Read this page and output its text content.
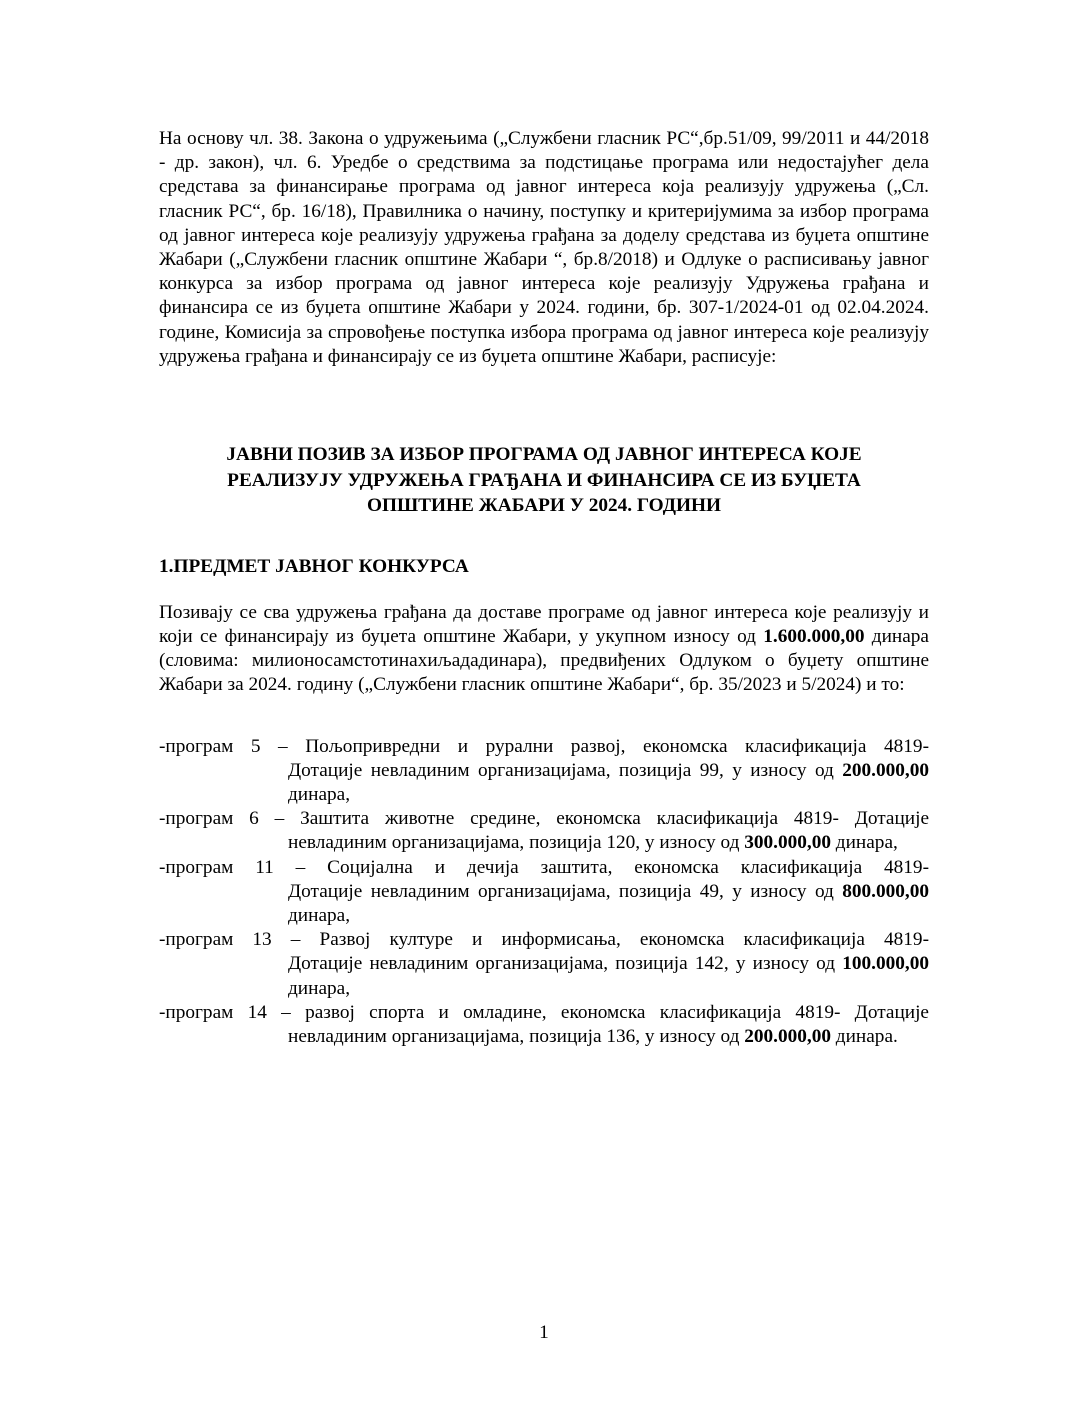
На основу чл. 38. Закона о удружењима („Службени гласник РС“,бр.51/09, 99/2011 и 44/2018 - др. закон), чл. 6. Уредбе о средствима за подстицање програма или недостајућег дела средстава за финансирање програма од јавног интереса која реализују удружења („Сл. гласник РС“, бр. 16/18), Правилника о начину, поступку и критеријумима за избор програма од јавног интереса које реализују удружења грађана за доделу средстава из буџета општине Жабари („Службени гласник општине Жабари “, бр.8/2018) и Одлуке о расписивању јавног конкурса за избор програма од јавног интереса које реализују Удружења грађана и финансира се из буџета општине Жабари у 2024. години, бр. 307-1/2024-01 од 02.04.2024. године, Комисија за спровођење поступка избора програма од јавног интереса које реализују удружења грађана и финансирају се из буџета општине Жабари, расписује:

ЈАВНИ ПОЗИВ ЗА ИЗБОР ПРОГРАМА ОД ЈАВНОГ ИНТЕРЕСА КОЈЕ
РЕАЛИЗУЈУ УДРУЖЕЊА ГРАЂАНА И ФИНАНСИРА СЕ ИЗ БУЏЕТА
ОПШТИНЕ ЖАБАРИ У 2024. ГОДИНИ

1.ПРЕДМЕТ ЈАВНОГ КОНКУРСА

Позивају се сва удружења грађана да доставе програме од јавног интереса које реализују и који се финансирају из буџета општине Жабари, у укупном износу од 1.600.000,00 динара (словима: милионосамстотинахиљададинара), предвиђених Одлуком о буџету општине Жабари за 2024. годину („Службени гласник општине Жабари“, бр. 35/2023 и 5/2024) и то:

-програм 5 – Пољопривредни и рурални развој, економска класификација 4819-
Дотације невладиним организацијама, позиција 99, у износу од 200.000,00 динара,
-програм 6 – Заштита животне средине, економска класификација 4819- Дотације
невладиним организацијама, позиција 120, у износу од 300.000,00 динара,
-програм 11 – Социјална и дечија заштита, економска класификација 4819-
Дотације невладиним организацијама, позиција 49, у износу од 800.000,00 динара,
-програм 13 – Развој културе и информисања, економска класификација 4819-
Дотације невладиним организацијама, позиција 142, у износу од 100.000,00 динара,
-програм 14 – развој спорта и омладине, економска класификација 4819- Дотације
невладиним организацијама, позиција 136, у износу од 200.000,00 динара.
1
